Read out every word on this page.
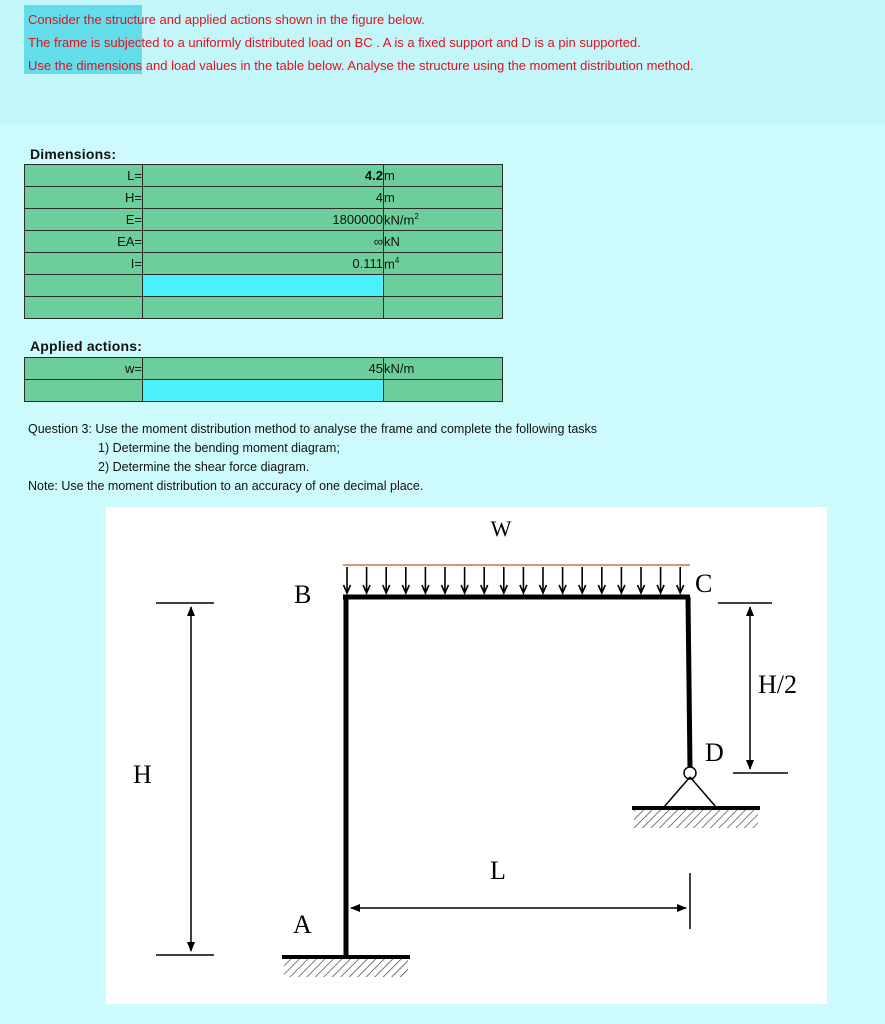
Consider the structure and applied actions shown in the figure below.
The frame is subjected to a uniformly distributed load on BC . A is a fixed support and D is a pin supported.
Use the dimensions and load values in the table below. Analyse the structure using the moment distribution method.
Dimensions:
L=	4.2	m
H=	4	m
E=	1800000	$kN/m^2$
EA=	∞	kN
I=	0.111	$m^4$

Applied actions:
w=	45	kN/m

Question 3: Use the moment distribution method to analyse the frame and complete the following tasks
1) Determine the bending moment diagram;
2) Determine the shear force diagram.
Note: Use the moment distribution to an accuracy of one decimal place.
W
B	C
D
A
H
H/2
L
